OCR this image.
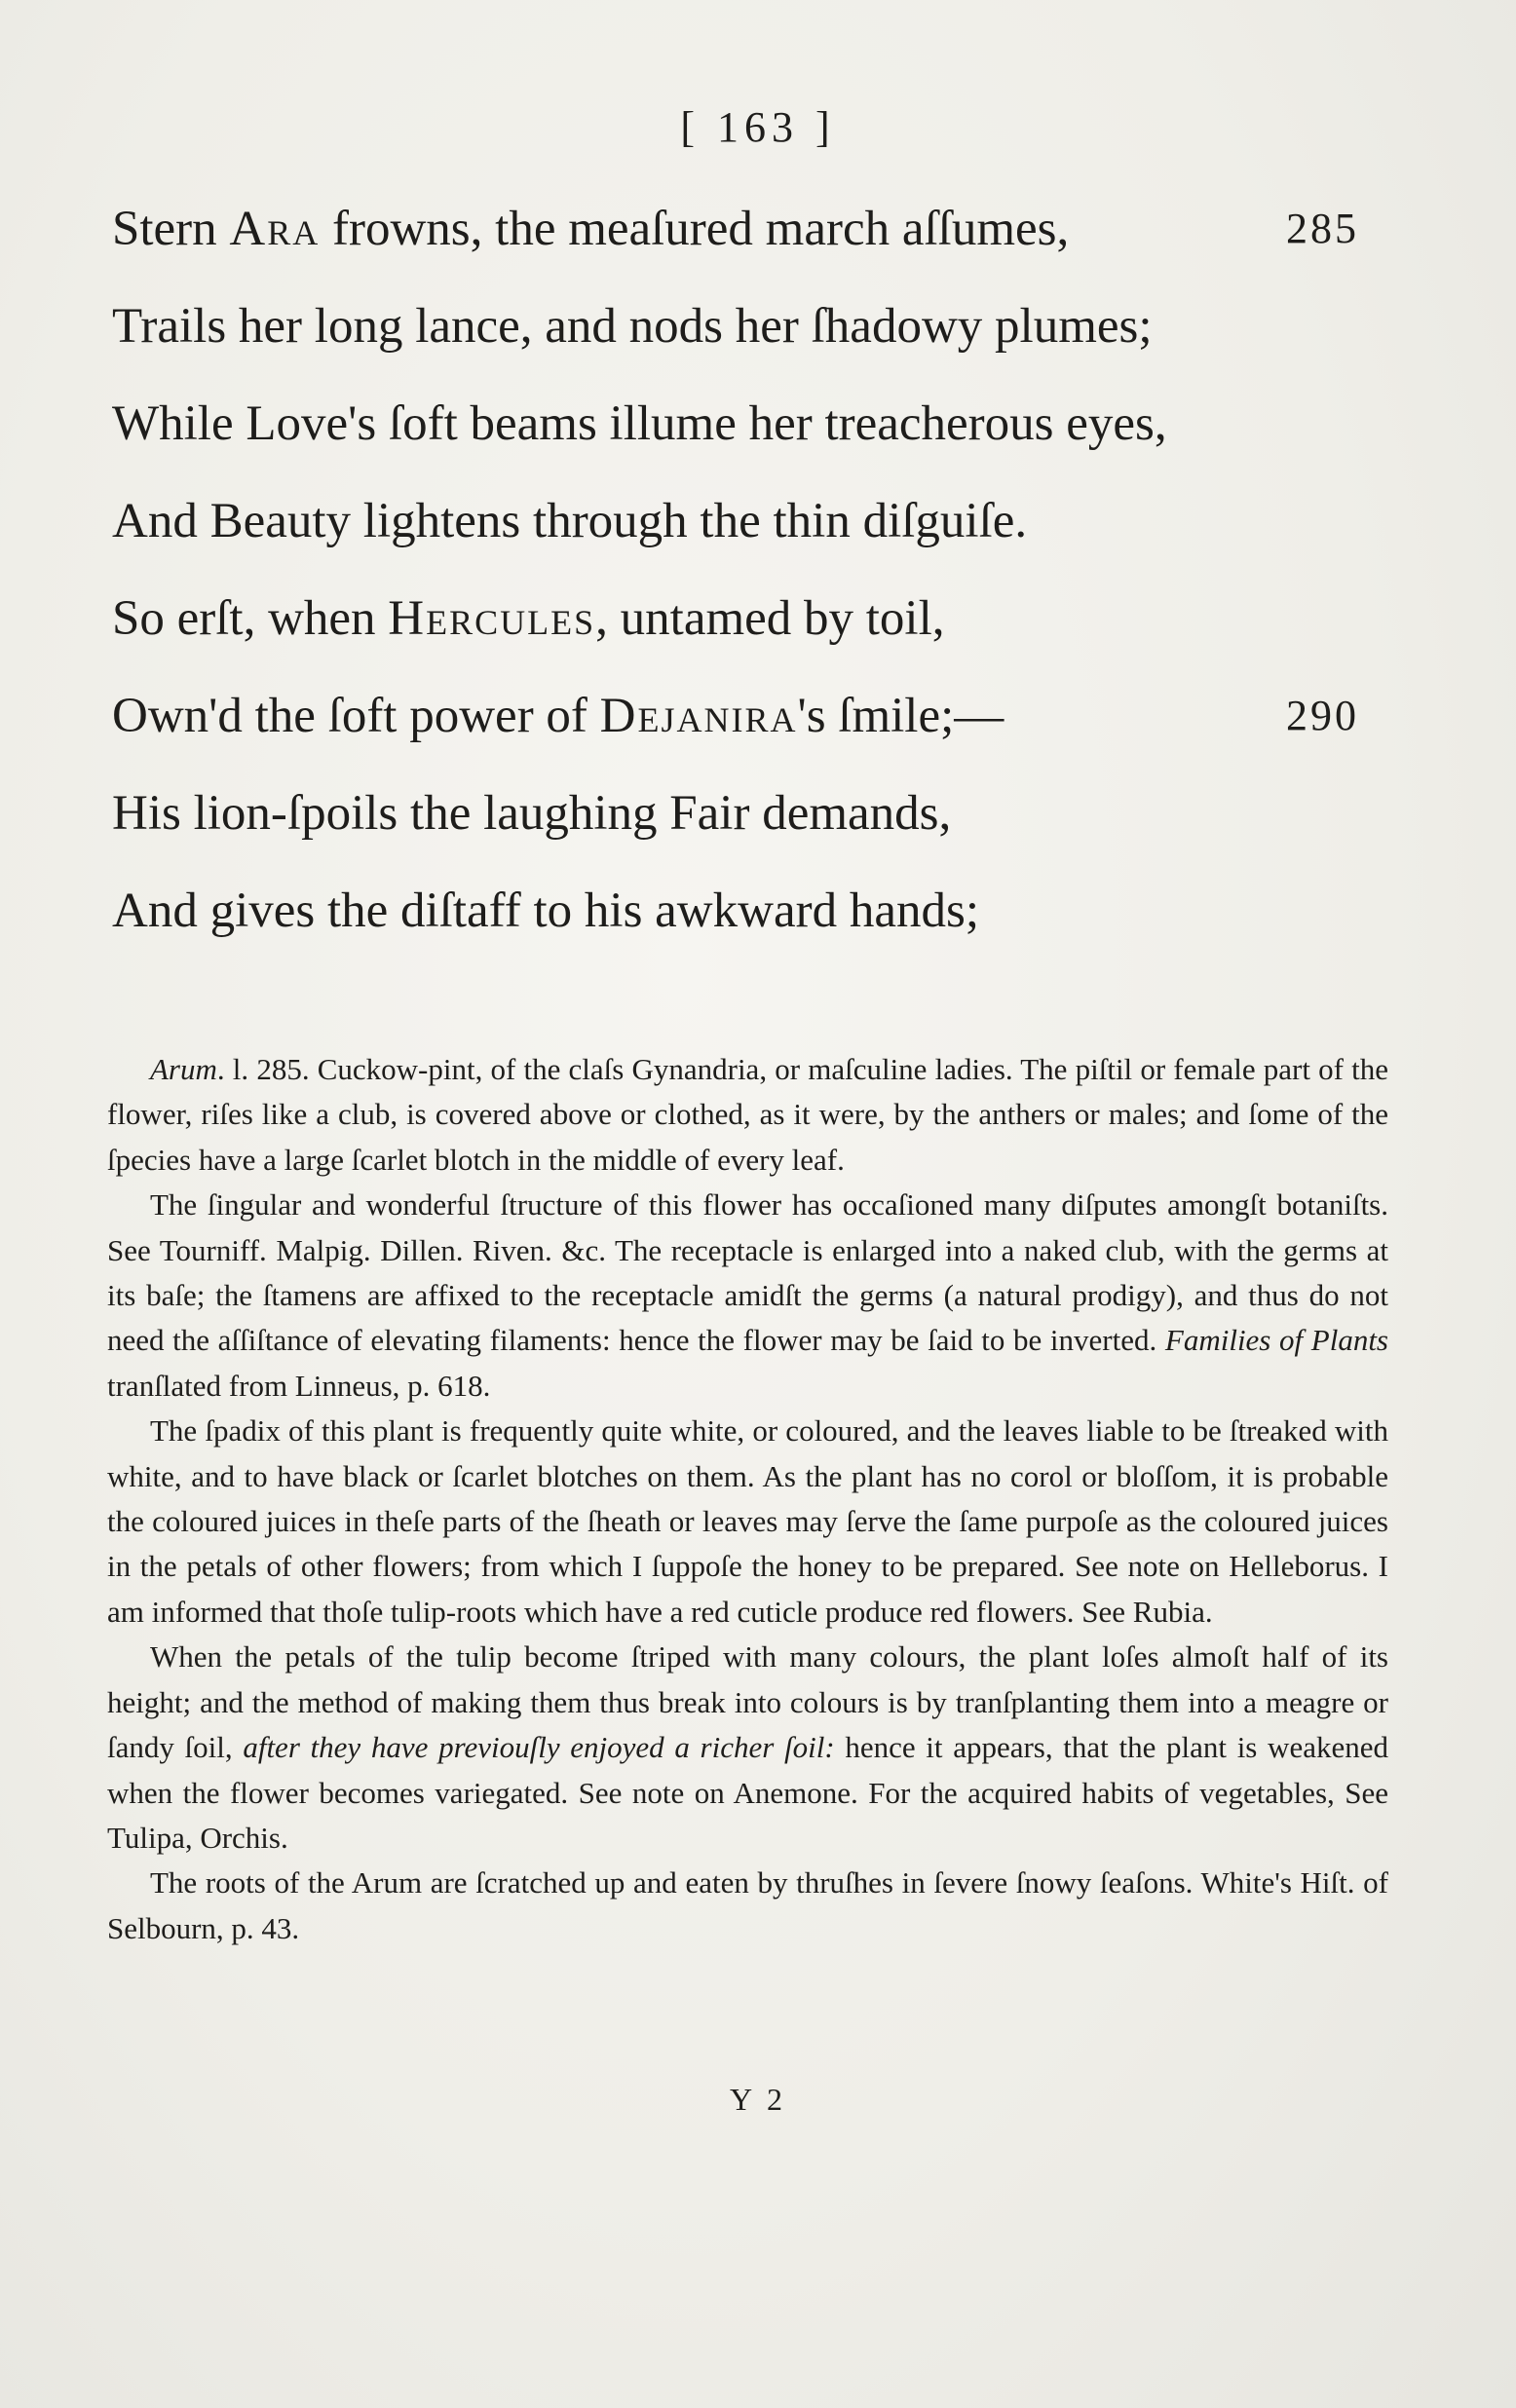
[ 163 ]
Stern Ara frowns, the meaſured march aſſumes,	285
Trails her long lance, and nods her ſhadowy plumes;
While Love's ſoft beams illume her treacherous eyes,
And Beauty lightens through the thin diſguiſe.
So erſt, when Hercules, untamed by toil,
Own'd the ſoft power of Dejanira's ſmile;—	290
His lion-ſpoils the laughing Fair demands,
And gives the diſtaff to his awkward hands;

Arum. l. 285. Cuckow-pint, of the claſs Gynandria, or maſculine ladies. The piſtil or female part of the flower, riſes like a club, is covered above or clothed, as it were, by the anthers or males; and ſome of the ſpecies have a large ſcarlet blotch in the middle of every leaf.

The ſingular and wonderful ſtructure of this flower has occaſioned many diſputes amongſt botaniſts. See Tourniff. Malpig. Dillen. Riven. &c. The receptacle is enlarged into a naked club, with the germs at its baſe; the ſtamens are affixed to the receptacle amidſt the germs (a natural prodigy), and thus do not need the aſſiſtance of elevating filaments: hence the flower may be ſaid to be inverted. Families of Plants tranſlated from Linneus, p. 618.

The ſpadix of this plant is frequently quite white, or coloured, and the leaves liable to be ſtreaked with white, and to have black or ſcarlet blotches on them. As the plant has no corol or bloſſom, it is probable the coloured juices in theſe parts of the ſheath or leaves may ſerve the ſame purpoſe as the coloured juices in the petals of other flowers; from which I ſuppoſe the honey to be prepared. See note on Helleborus. I am informed that thoſe tulip-roots which have a red cuticle produce red flowers. See Rubia.

When the petals of the tulip become ſtriped with many colours, the plant loſes almoſt half of its height; and the method of making them thus break into colours is by tranſplanting them into a meagre or ſandy ſoil, after they have previouſly enjoyed a richer ſoil: hence it appears, that the plant is weakened when the flower becomes variegated. See note on Anemone. For the acquired habits of vegetables, See Tulipa, Orchis.

The roots of the Arum are ſcratched up and eaten by thruſhes in ſevere ſnowy ſeaſons. White's Hiſt. of Selbourn, p. 43.

Y 2
